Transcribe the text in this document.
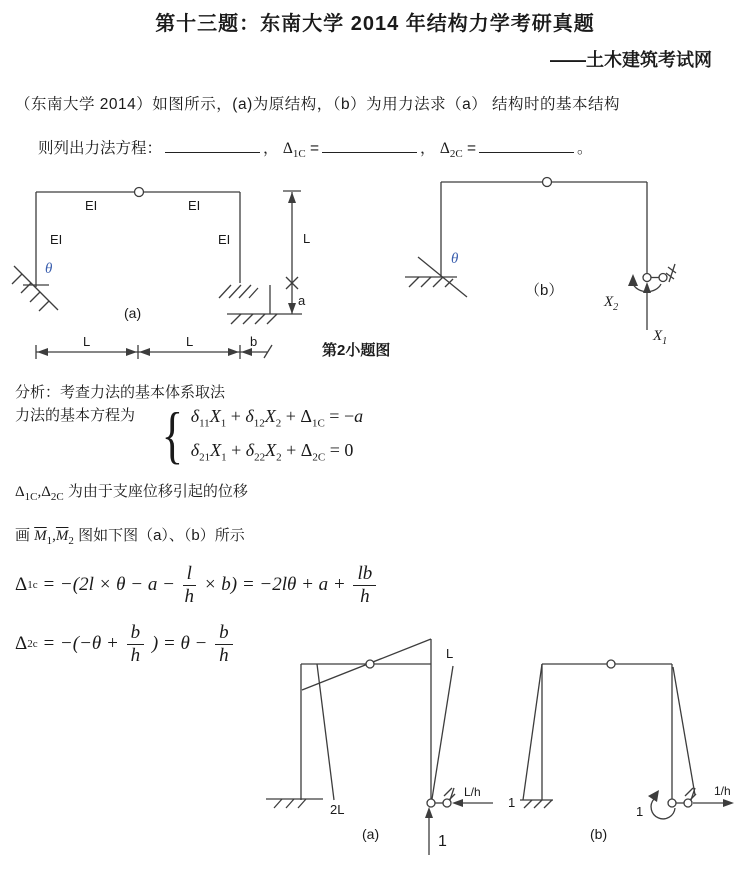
第十三题：东南大学 2014 年结构力学考研真题
——土木建筑考试网
（东南大学 2014）如图所示，(a)为原结构，（b）为用力法求（a） 结构时的基本结构
则列出力法方程：	， $\Delta_{1C}$ =	， $\Delta_{2C}$ =	。
EI	EI
EI	EI
θ
L
a
L	L	b
(a)
第2小题图
θ
（b）
$X_2$
$X_1$
分析：考查力法的基本体系取法
力法的基本方程为 { $\delta_{11}X_1 + \delta_{12}X_2 + \Delta_{1C} = -a$
$\delta_{21}X_1 + \delta_{22}X_2 + \Delta_{2C} = 0$
$\Delta_{1C},\Delta_{2C}$ 为由于支座位移引起的位移
画 $\overline{M}_1,\overline{M}_2$ 图如下图（a）、（b）所示
Δ $1c = -(2l \times \theta - a - \frac{l}{h} \times b) = -2l\theta + a + \frac{lb}{h}$
Δ $2c = -(-\theta + \frac{b}{h}$ ) = $\theta - \frac{b}{h}$	L
2L
L/h
1
(a)
1
1
1/h
(b)
